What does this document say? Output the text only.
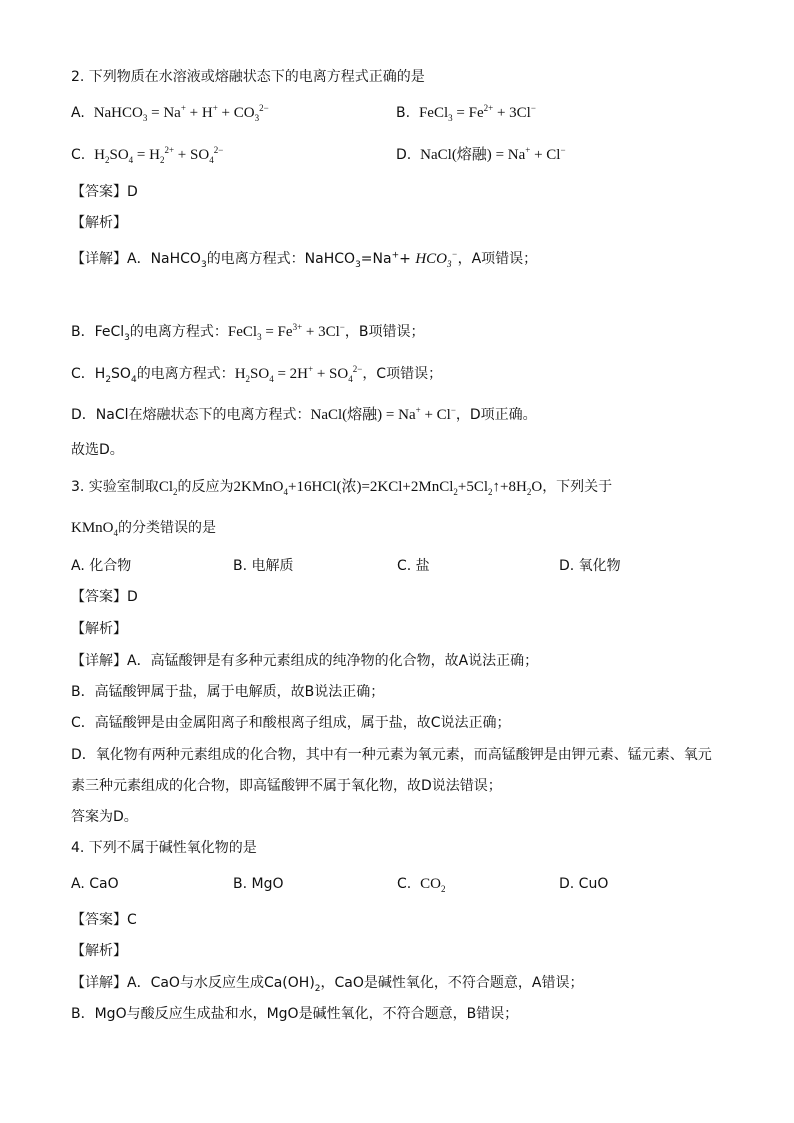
2. 下列物质在水溶液或熔融状态下的电离方程式正确的是
A. NaHCO$_3$ = $Na^+ + H^+ + CO_3^{2-}$	B. FeCl$_3$ = $Fe^{2+} + 3Cl^-$
C. $H_2SO_4 = H_2^{2+} + SO_4^{2-}$	D. NaCl(熔融) = Na+ + Cl−
【答案】D
【解析】
【详解】A．NaHCO$_3$的电离方程式：NaHCO$_3$=Na++ $HCO_3^-$，A项错误；
B．FeCl$_3$的电离方程式：FeCl$_3$ = $Fe^{3+} + 3Cl^-$，B项错误；
C．$H_2SO_4$的电离方程式：$H_2SO_4 = 2H^+ + SO_4^{2-}$，C项错误；
D．NaCl在熔融状态下的电离方程式：NaCl(熔融) = Na+ + Cl−，D项正确。
故选D。
3. 实验室制取$Cl_2$的反应为2KMnO$_4$+16HCl(浓)$=2KCl+2MnCl_2+5Cl_2↑+8H_2O$，下列关于
KMnO$_4$的分类错误的是
A. 化合物	B. 电解质	C. 盐	D. 氧化物
【答案】D
【解析】
【详解】A．高锰酸钾是有多种元素组成的纯净物的化合物，故A说法正确；
B．高锰酸钾属于盐，属于电解质，故B说法正确；
C．高锰酸钾是由金属阳离子和酸根离子组成，属于盐，故C说法正确；
D．氧化物有两种元素组成的化合物，其中有一种元素为氧元素，而高锰酸钾是由钾元素、锰元素、氧元
素三种元素组成的化合物，即高锰酸钾不属于氧化物，故D说法错误；
答案为D。
4. 下列不属于碱性氧化物的是
A. CaO	B. MgO	C. $CO_2$	D. CuO
【答案】C
【解析】
【详解】A．CaO与水反应生成$Ca(OH)_2$，CaO是碱性氧化，不符合题意，A错误；
B．MgO与酸反应生成盐和水，MgO是碱性氧化，不符合题意，B错误；
